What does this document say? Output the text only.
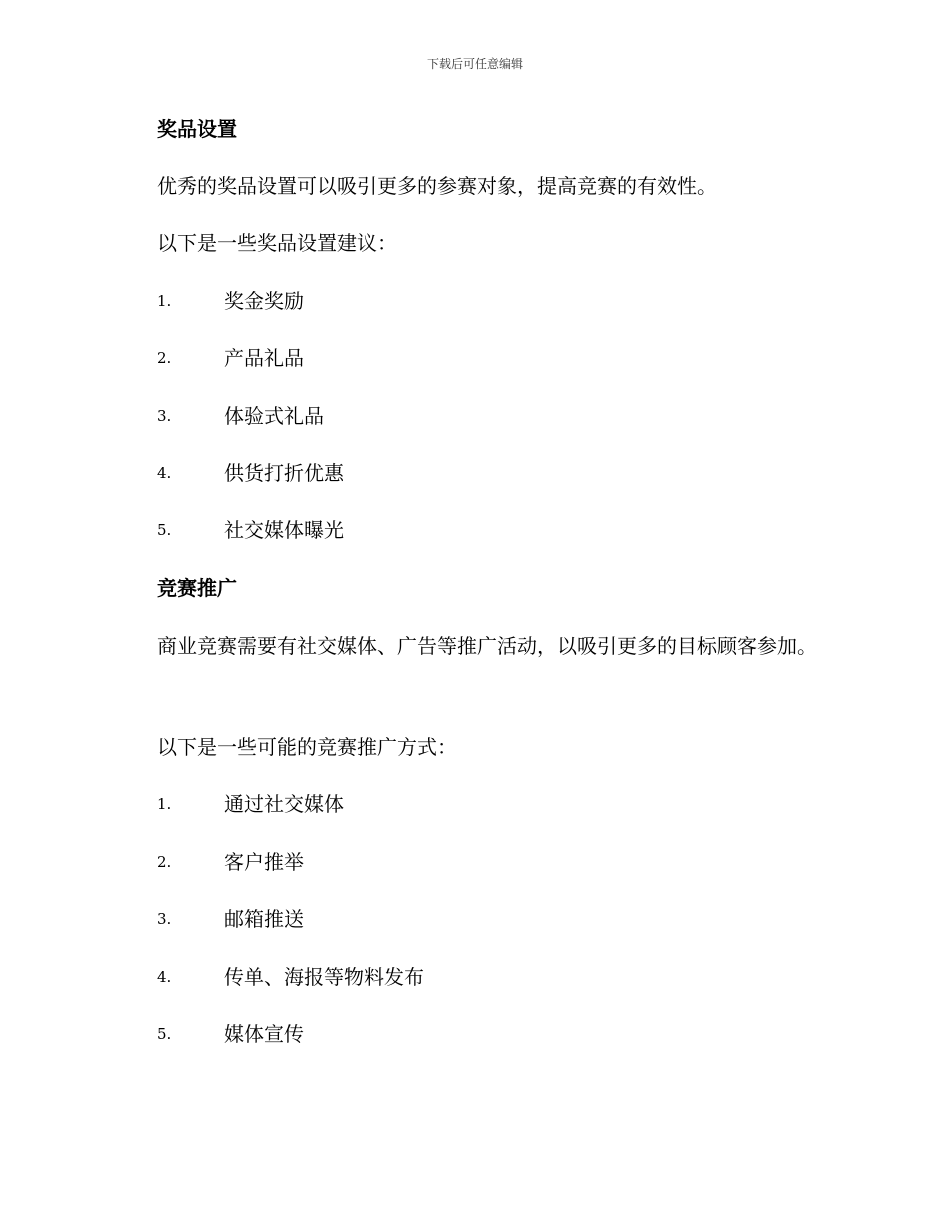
下载后可任意编辑
奖品设置
优秀的奖品设置可以吸引更多的参赛对象，提高竞赛的有效性。
以下是一些奖品设置建议：
1.	奖金奖励
2.	产品礼品
3.	体验式礼品
4.	供货打折优惠
5.	社交媒体曝光
竞赛推广
商业竞赛需要有社交媒体、广告等推广活动，以吸引更多的目标顾客参加。
以下是一些可能的竞赛推广方式：
1.	通过社交媒体
2.	客户推举
3.	邮箱推送
4.	传单、海报等物料发布
5.	媒体宣传
